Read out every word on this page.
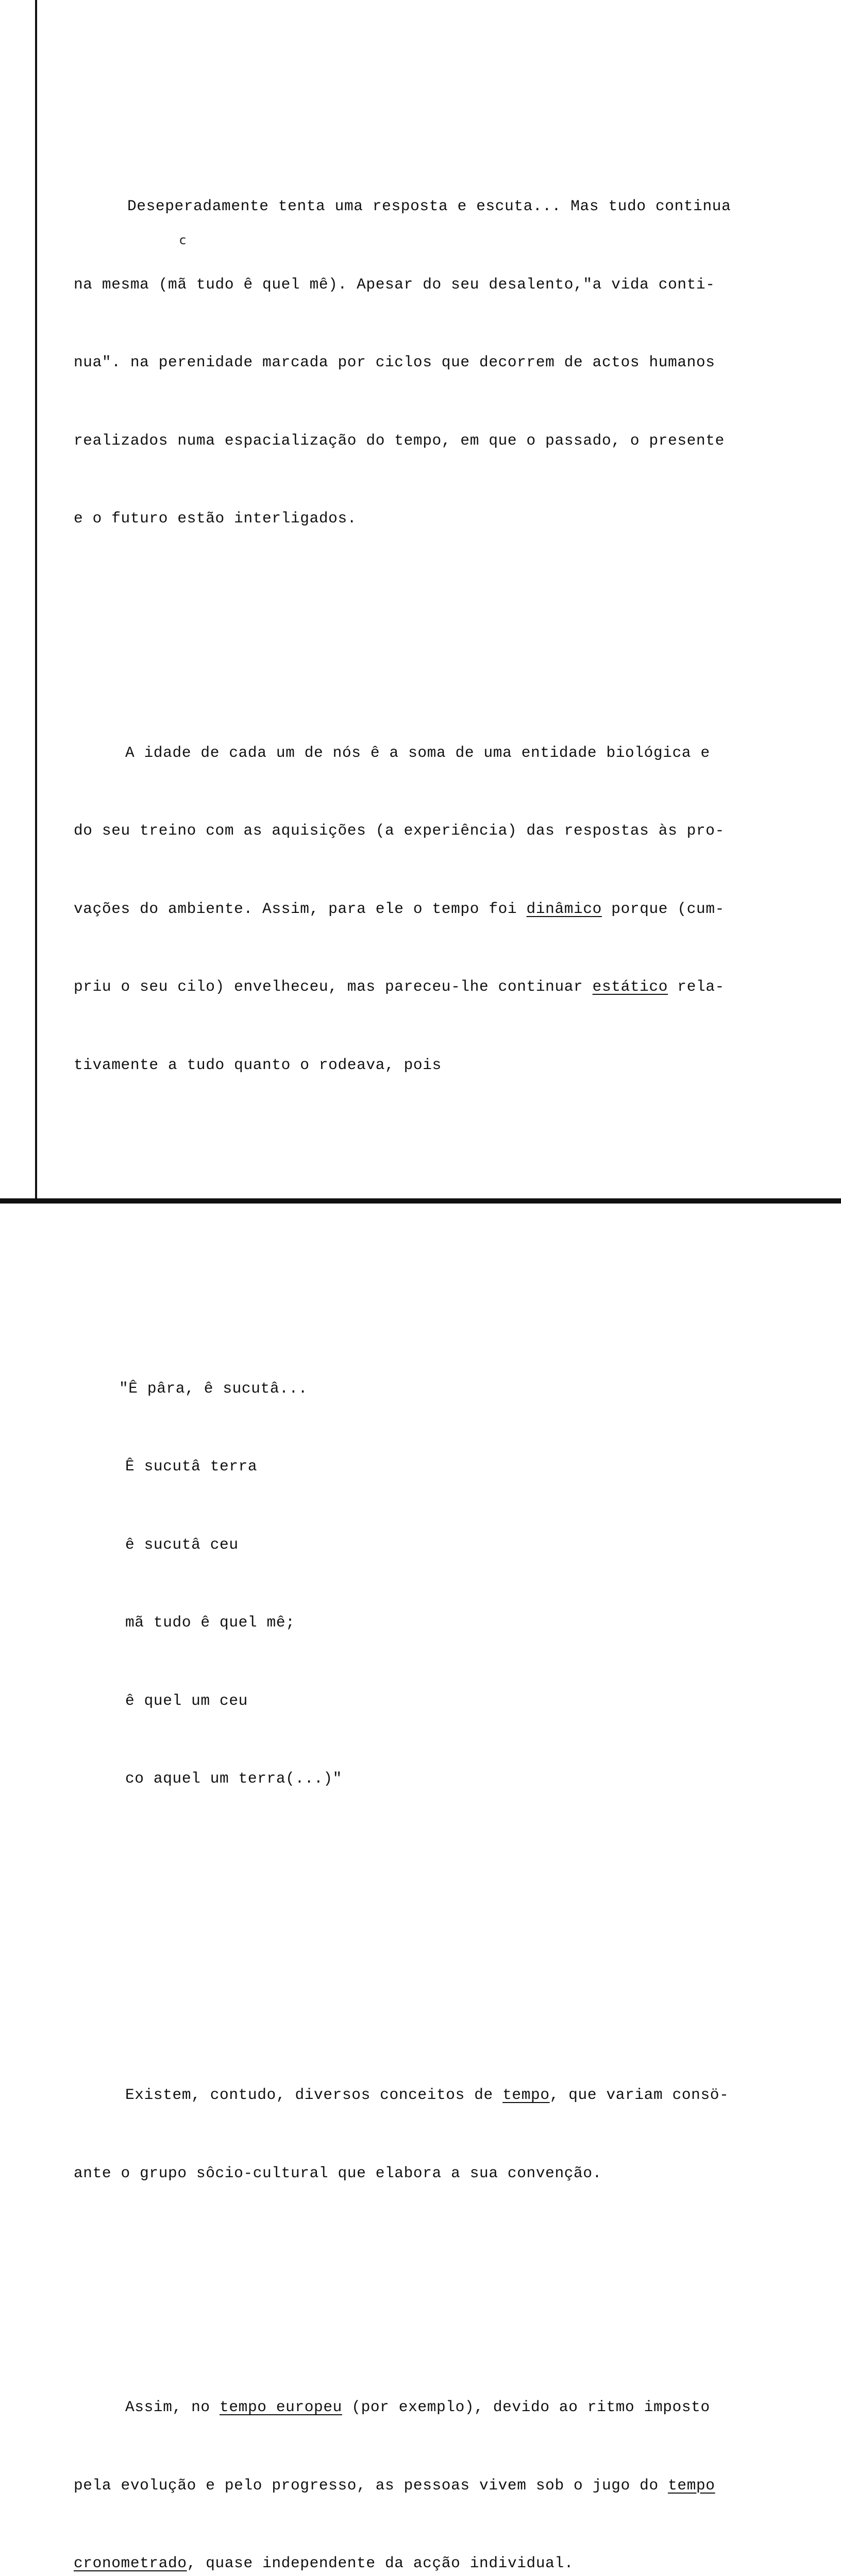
c

Deseperadamente tenta uma resposta e escuta... Mas tudo continua

na mesma (mã tudo ê quel mê). Apesar do seu desalento,"a vida conti-

nua". na perenidade marcada por ciclos que decorrem de actos humanos

realizados numa espacialização do tempo, em que o passado, o presente

e o futuro estão interligados.

A idade de cada um de nós ê a soma de uma entidade biológica e

do seu treino com as aquisições (a experiência) das respostas às pro-

vações do ambiente. Assim, para ele o tempo foi dinâmico porque (cum-

priu o seu cilo) envelheceu, mas pareceu-lhe continuar estático rela-

tivamente a tudo quanto o rodeava, pois

"Ê pâra, ê sucutâ...

Ê sucutâ terra

ê sucutâ ceu

mã tudo ê quel mê;

ê quel um ceu

co aquel um terra(...)"

Existem, contudo, diversos conceitos de tempo, que variam consö-

ante o grupo sôcio-cultural que elabora a sua convenção.

Assim, no tempo europeu (por exemplo), devido ao ritmo imposto

pela evolução e pelo progresso, as pessoas vivem sob o jugo do tempo

cronometrado, quase independente da acção individual.
